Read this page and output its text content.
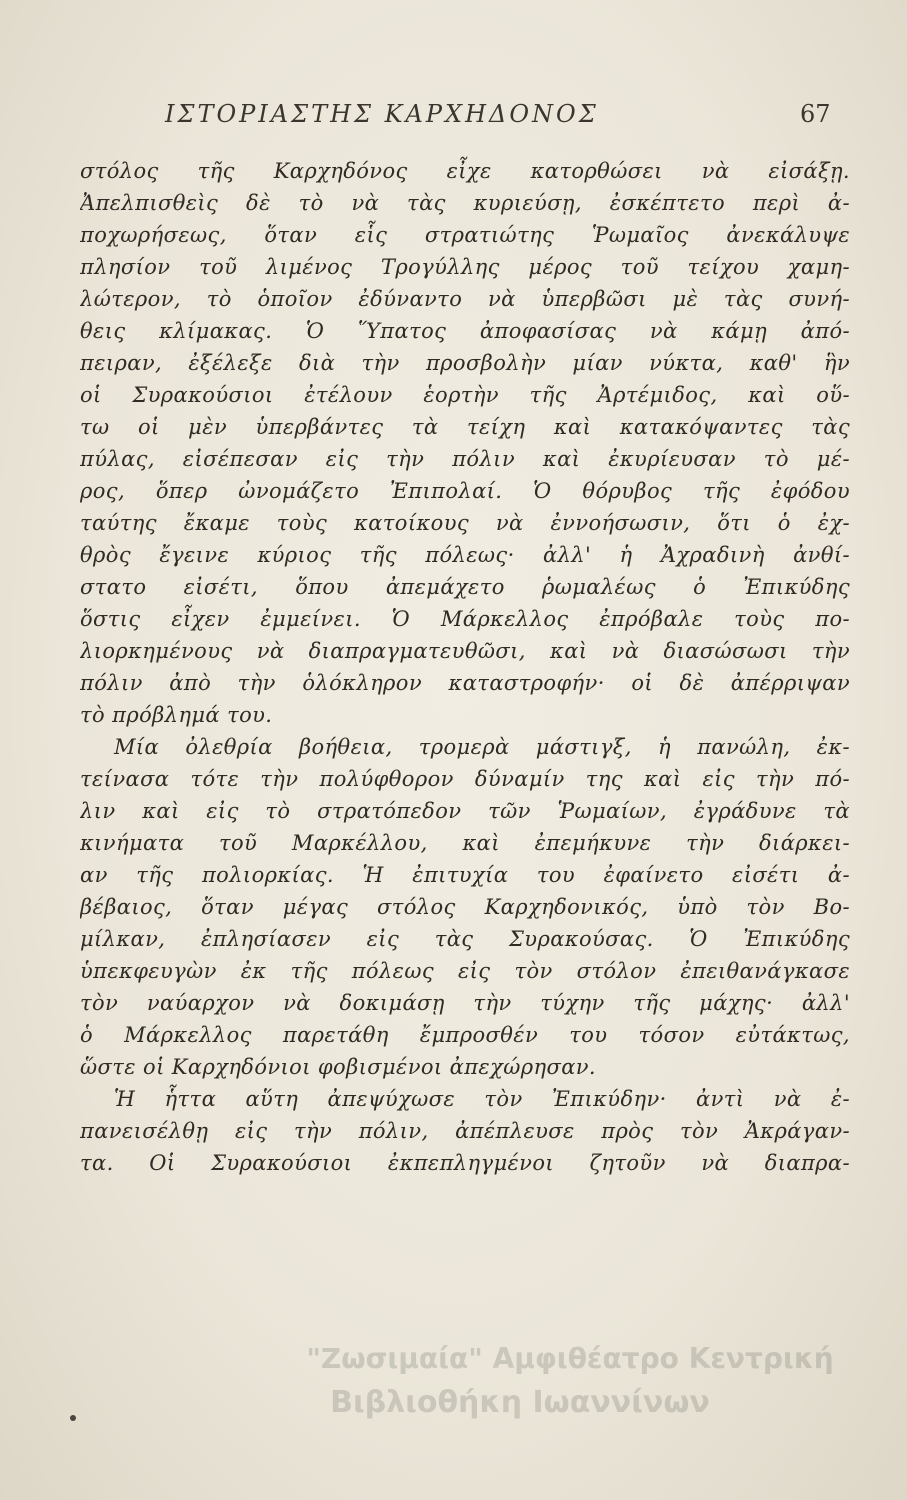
ΙΣΤΟΡΙΑΣΤΗΣ ΚΑΡΧΗΔΟΝΟΣ	67
στόλος τῆς Καρχηδόνος εἶχε κατορθώσει νὰ εἰσάξῃ.
Ἀπελπισθεὶς δὲ τὸ νὰ τὰς κυριεύσῃ, ἐσκέπτετο περὶ ἀ-
ποχωρήσεως, ὅταν εἷς στρατιώτης Ῥωμαῖος ἀνεκάλυψε
πλησίον τοῦ λιμένος Τρογύλλης μέρος τοῦ τείχου χαμη-
λώτερον, τὸ ὁποῖον ἐδύναντο νὰ ὑπερβῶσι μὲ τὰς συνή-
θεις κλίμακας. Ὁ Ὕπατος ἀποφασίσας νὰ κάμῃ ἀπό-
πειραν, ἐξέλεξε διὰ τὴν προσβολὴν μίαν νύκτα, καθ' ἣν
οἱ Συρακούσιοι ἐτέλουν ἑορτὴν τῆς Ἀρτέμιδος, καὶ οὕ-
τω οἱ μὲν ὑπερβάντες τὰ τείχη καὶ κατακόψαντες τὰς
πύλας, εἰσέπεσαν εἰς τὴν πόλιν καὶ ἐκυρίευσαν τὸ μέ-
ρος, ὅπερ ὠνομάζετο Ἐπιπολαί. Ὁ θόρυβος τῆς ἐφόδου
ταύτης ἔκαμε τοὺς κατοίκους νὰ ἐννοήσωσιν, ὅτι ὁ ἐχ-
θρὸς ἔγεινε κύριος τῆς πόλεως· ἀλλ' ἡ Ἀχραδινὴ ἀνθί-
στατο εἰσέτι, ὅπου ἀπεμάχετο ῥωμαλέως ὁ Ἐπικύδης
ὅστις εἶχεν ἐμμείνει. Ὁ Μάρκελλος ἐπρόβαλε τοὺς πο-
λιορκημένους νὰ διαπραγματευθῶσι, καὶ νὰ διασώσωσι τὴν
πόλιν ἀπὸ τὴν ὁλόκληρον καταστροφήν· οἱ δὲ ἀπέρριψαν
τὸ πρόβλημά του.
Μία ὀλεθρία βοήθεια, τρομερὰ μάστιγξ, ἡ πανώλη, ἐκ-
τείνασα τότε τὴν πολύφθορον δύναμίν της καὶ εἰς τὴν πό-
λιν καὶ εἰς τὸ στρατόπεδον τῶν Ῥωμαίων, ἐγράδυνε τὰ
κινήματα τοῦ Μαρκέλλου, καὶ ἐπεμήκυνε τὴν διάρκει-
αν τῆς πολιορκίας. Ἡ ἐπιτυχία του ἐφαίνετο εἰσέτι ἀ-
βέβαιος, ὅταν μέγας στόλος Καρχηδονικός, ὑπὸ τὸν Βο-
μίλκαν, ἐπλησίασεν εἰς τὰς Συρακούσας. Ὁ Ἐπικύδης
ὑπεκφευγὼν ἐκ τῆς πόλεως εἰς τὸν στόλον ἐπειθανάγκασε
τὸν ναύαρχον νὰ δοκιμάσῃ τὴν τύχην τῆς μάχης· ἀλλ'
ὁ Μάρκελλος παρετάθη ἔμπροσθέν του τόσον εὐτάκτως,
ὥστε οἱ Καρχηδόνιοι φοβισμένοι ἀπεχώρησαν.
Ἡ ἧττα αὕτη ἀπεψύχωσε τὸν Ἐπικύδην· ἀντὶ νὰ ἐ-
πανεισέλθῃ εἰς τὴν πόλιν, ἀπέπλευσε πρὸς τὸν Ἀκράγαν-
τα. Οἱ Συρακούσιοι ἐκπεπληγμένοι ζητοῦν νὰ διαπρα-
"Zωσιμαία" Αμφιθέατρο Κεντρική
Βιβλιοθήκη Ιωαννίνων
